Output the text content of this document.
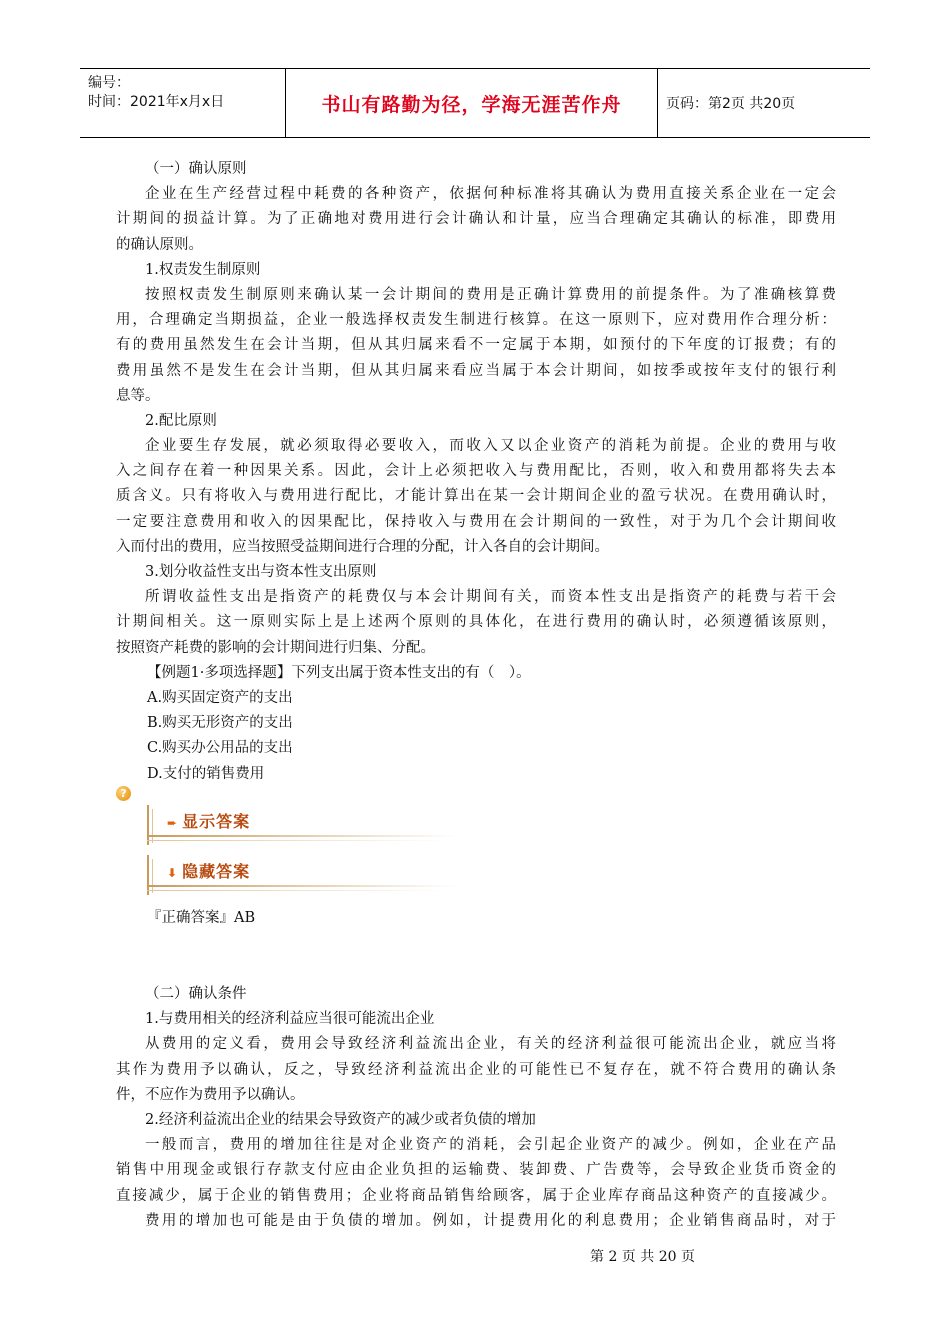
编号：
时间：2021年x月x日	书山有路勤为径，学海无涯苦作舟	页码：第2页 共20页
（一）确认原则
企业在生产经营过程中耗费的各种资产，依据何种标准将其确认为费用直接关系企业在一定会
计期间的损益计算。为了正确地对费用进行会计确认和计量，应当合理确定其确认的标准，即费用
的确认原则。
1.权责发生制原则
按照权责发生制原则来确认某一会计期间的费用是正确计算费用的前提条件。为了准确核算费
用，合理确定当期损益，企业一般选择权责发生制进行核算。在这一原则下，应对费用作合理分析：
有的费用虽然发生在会计当期，但从其归属来看不一定属于本期，如预付的下年度的订报费；有的
费用虽然不是发生在会计当期，但从其归属来看应当属于本会计期间，如按季或按年支付的银行利
息等。
2.配比原则
企业要生存发展，就必须取得必要收入，而收入又以企业资产的消耗为前提。企业的费用与收
入之间存在着一种因果关系。因此，会计上必须把收入与费用配比，否则，收入和费用都将失去本
质含义。只有将收入与费用进行配比，才能计算出在某一会计期间企业的盈亏状况。在费用确认时，
一定要注意费用和收入的因果配比，保持收入与费用在会计期间的一致性，对于为几个会计期间收
入而付出的费用，应当按照受益期间进行合理的分配，计入各自的会计期间。
3.划分收益性支出与资本性支出原则
所谓收益性支出是指资产的耗费仅与本会计期间有关，而资本性支出是指资产的耗费与若干会
计期间相关。这一原则实际上是上述两个原则的具体化，在进行费用的确认时，必须遵循该原则，
按照资产耗费的影响的会计期间进行归集、分配。
【例题1·多项选择题】下列支出属于资本性支出的有（　）。
A.购买固定资产的支出
B.购买无形资产的支出
C.购买办公用品的支出
D.支付的销售费用
?
➨ 显示答案
⬇ 隐藏答案
『正确答案』AB
（二）确认条件
1.与费用相关的经济利益应当很可能流出企业
从费用的定义看，费用会导致经济利益流出企业，有关的经济利益很可能流出企业，就应当将
其作为费用予以确认，反之，导致经济利益流出企业的可能性已不复存在，就不符合费用的确认条
件，不应作为费用予以确认。
2.经济利益流出企业的结果会导致资产的减少或者负债的增加
一般而言，费用的增加往往是对企业资产的消耗，会引起企业资产的减少。例如，企业在产品
销售中用现金或银行存款支付应由企业负担的运输费、装卸费、广告费等，会导致企业货币资金的
直接减少，属于企业的销售费用；企业将商品销售给顾客，属于企业库存商品这种资产的直接减少。
费用的增加也可能是由于负债的增加。例如，计提费用化的利息费用；企业销售商品时，对于
第 2 页 共 20 页
